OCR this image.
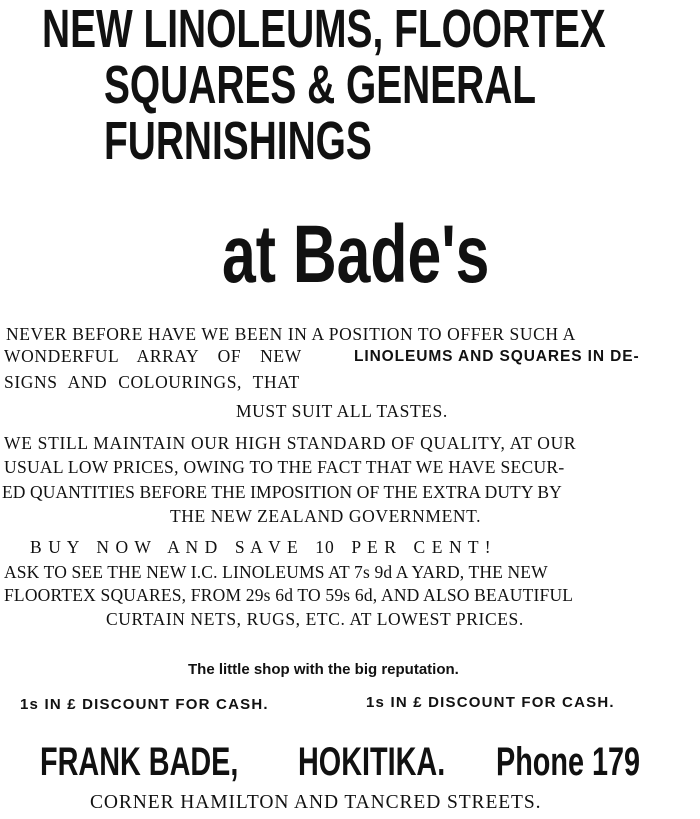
NEW LINOLEUMS, FLOORTEX
SQUARES & GENERAL
FURNISHINGS
at Bade's
NEVER BEFORE HAVE WE BEEN IN A POSITION TO OFFER SUCH A
WONDERFUL ARRAY OF NEW	LINOLEUMS AND SQUARES IN DE-
SIGNS AND COLOURINGS, THAT
MUST SUIT ALL TASTES.
WE STILL MAINTAIN OUR HIGH STANDARD OF QUALITY, AT OUR
USUAL LOW PRICES, OWING TO THE FACT THAT WE HAVE SECUR-
ED QUANTITIES BEFORE THE IMPOSITION OF THE EXTRA DUTY BY
THE NEW ZEALAND GOVERNMENT.
B U Y   N O W   A N D   S A V E   10   P E R   C E N T !
ASK TO SEE THE NEW I.C. LINOLEUMS AT 7s 9d A YARD, THE NEW
FLOORTEX SQUARES, FROM 29s 6d TO 59s 6d, AND ALSO BEAUTIFUL
CURTAIN NETS, RUGS, ETC. AT LOWEST PRICES.
The little shop with the big reputation.
1s IN £ DISCOUNT FOR CASH.	1s IN £ DISCOUNT FOR CASH.
FRANK BADE, HOKITIKA. Phone 179
CORNER HAMILTON AND TANCRED STREETS.
